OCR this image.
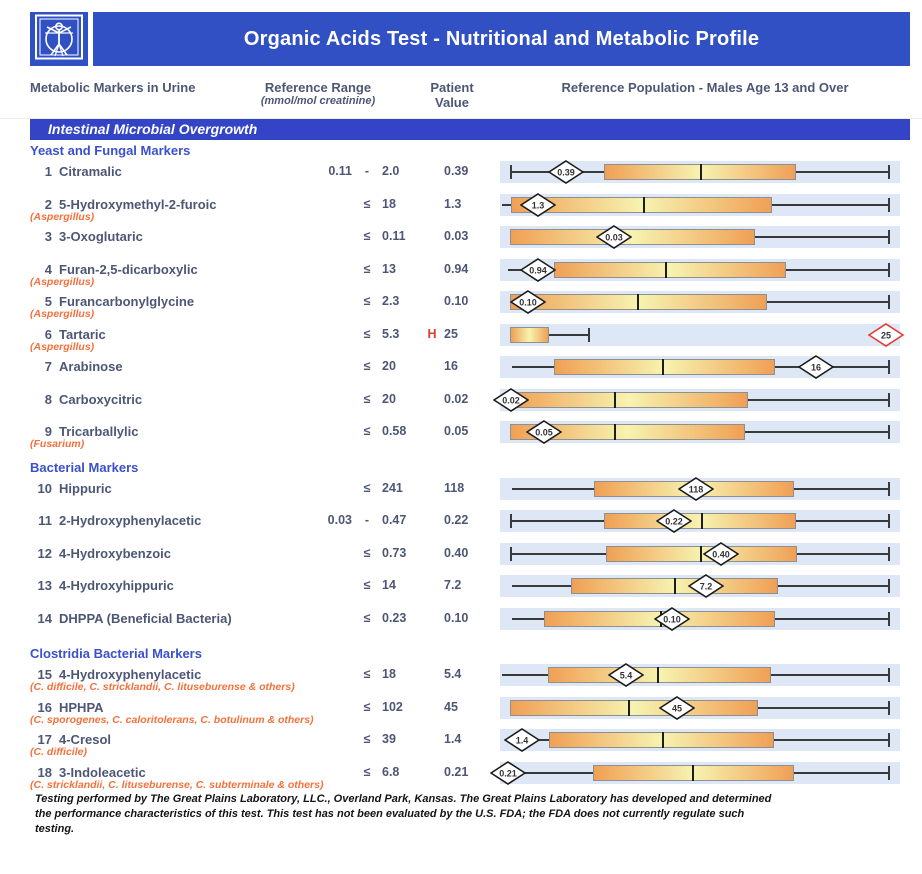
Organic Acids Test - Nutritional and Metabolic Profile
Metabolic Markers in Urine	Reference Range
(mmol/mol creatinine)
Patient
Value
Reference Population - Males Age 13 and Over
Intestinal Microbial Overgrowth
Yeast and Fungal Markers
1 Citramalic	0.11	-	2.0	0.39	0.39
2 5-Hydroxymethyl-2-furoic
(Aspergillus)
≤ 18	1.3	1.3
3 3-Oxoglutaric	≤ 0.11	0.03	0.03
4 Furan-2,5-dicarboxylic
(Aspergillus)
≤ 13	0.94	0.94
5 Furancarbonylglycine
(Aspergillus)
≤ 2.3	0.10	0.10
6 Tartaric
(Aspergillus)
≤ 5.3	H 25	25
7 Arabinose	≤ 20	16	16
8 Carboxycitric	≤ 20	0.02	0.02
9 Tricarballylic
(Fusarium)
≤ 0.58	0.05	0.05
Bacterial Markers
10 Hippuric	≤ 241	118	118
11 2-Hydroxyphenylacetic	0.03	-	0.47	0.22	0.22
12 4-Hydroxybenzoic	≤ 0.73	0.40	0.40
13 4-Hydroxyhippuric	≤ 14	7.2	7.2
14 DHPPA (Beneficial Bacteria)	≤ 0.23	0.10	0.10
Clostridia Bacterial Markers
15 4-Hydroxyphenylacetic
(C. difficile, C. stricklandii, C. lituseburense & others)
≤ 18	5.4	5.4
16 HPHPA
(C. sporogenes, C. caloritolerans, C. botulinum & others)
≤ 102	45	45
17 4-Cresol
(C. difficile)
≤ 39	1.4	1.4
18 3-Indoleacetic
(C. stricklandii, C. lituseburense, C. subterminale & others)
≤ 6.8	0.21	0.21
Testing performed by The Great Plains Laboratory, LLC., Overland Park, Kansas. The Great Plains Laboratory has developed and determined
the performance characteristics of this test. This test has not been evaluated by the U.S. FDA; the FDA does not currently regulate such
testing.
